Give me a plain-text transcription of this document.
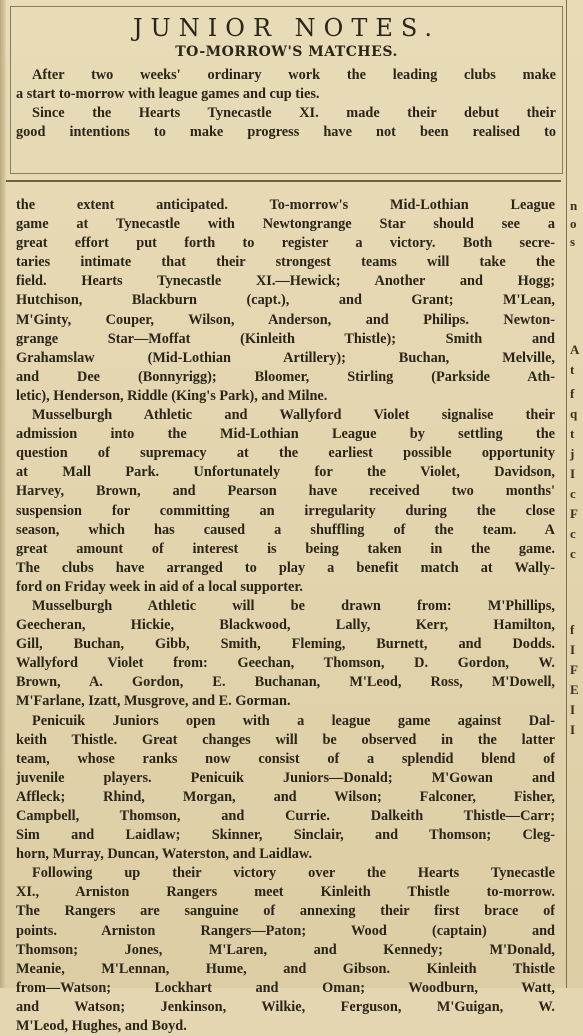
JUNIOR NOTES.
TO-MORROW'S MATCHES.
After two weeks' ordinary work the leading clubs make
a start to-morrow with league games and cup ties.
Since the Hearts Tynecastle XI. made their debut their
good intentions to make progress have not been realised to
the extent anticipated. To-morrow's Mid-Lothian League
game at Tynecastle with Newtongrange Star should see a
great effort put forth to register a victory. Both secre-
taries intimate that their strongest teams will take the
field. Hearts Tynecastle XI.—Hewick; Another and Hogg;
Hutchison, Blackburn (capt.), and Grant; M'Lean,
M'Ginty, Couper, Wilson, Anderson, and Philips. Newton-
grange Star—Moffat (Kinleith Thistle); Smith and
Grahamslaw (Mid-Lothian Artillery); Buchan, Melville,
and Dee (Bonnyrigg); Bloomer, Stirling (Parkside Ath-
letic), Henderson, Riddle (King's Park), and Milne.
Musselburgh Athletic and Wallyford Violet signalise their
admission into the Mid-Lothian League by settling the
question of supremacy at the earliest possible opportunity
at Mall Park. Unfortunately for the Violet, Davidson,
Harvey, Brown, and Pearson have received two months'
suspension for committing an irregularity during the close
season, which has caused a shuffling of the team. A
great amount of interest is being taken in the game.
The clubs have arranged to play a benefit match at Wally-
ford on Friday week in aid of a local supporter.
Musselburgh Athletic will be drawn from: M'Phillips,
Geecheran, Hickie, Blackwood, Lally, Kerr, Hamilton,
Gill, Buchan, Gibb, Smith, Fleming, Burnett, and Dodds.
Wallyford Violet from: Geechan, Thomson, D. Gordon, W.
Brown, A. Gordon, E. Buchanan, M'Leod, Ross, M'Dowell,
M'Farlane, Izatt, Musgrove, and E. Gorman.
Penicuik Juniors open with a league game against Dal-
keith Thistle. Great changes will be observed in the latter
team, whose ranks now consist of a splendid blend of
juvenile players. Penicuik Juniors—Donald; M'Gowan and
Affleck; Rhind, Morgan, and Wilson; Falconer, Fisher,
Campbell, Thomson, and Currie. Dalkeith Thistle—Carr;
Sim and Laidlaw; Skinner, Sinclair, and Thomson; Cleg-
horn, Murray, Duncan, Waterston, and Laidlaw.
Following up their victory over the Hearts Tynecastle
XI., Arniston Rangers meet Kinleith Thistle to-morrow.
The Rangers are sanguine of annexing their first brace of
points. Arniston Rangers—Paton; Wood (captain) and
Thomson; Jones, M'Laren, and Kennedy; M'Donald,
Meanie, M'Lennan, Hume, and Gibson. Kinleith Thistle
from—Watson; Lockhart and Oman; Woodburn, Watt,
and Watson; Jenkinson, Wilkie, Ferguson, M'Guigan, W.
M'Leod, Hughes, and Boyd.
n
o
s
A
t
f
q
t
j
I
c
F
c
c
f
I
F
E
I
I
